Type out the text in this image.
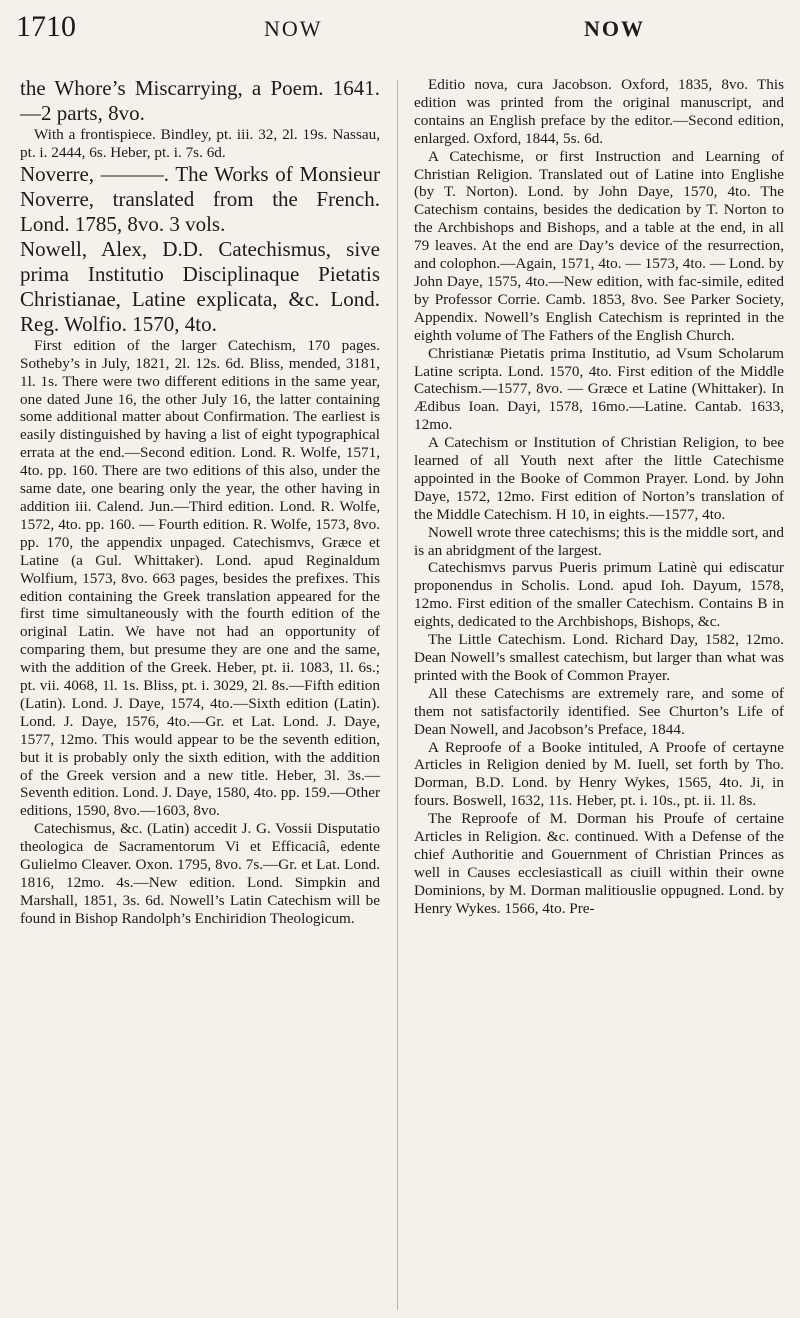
1710	NOW	NOW

the Whore’s Miscarrying, a Poem. 1641.—2 parts, 8vo.

With a frontispiece. Bindley, pt. iii. 32, 2l. 19s. Nassau, pt. i. 2444, 6s. Heber, pt. i. 7s. 6d.

Noverre, ———. The Works of Monsieur Noverre, translated from the French. Lond. 1785, 8vo. 3 vols.

Nowell, Alex, D.D. Catechismus, sive prima Institutio Disciplinaque Pietatis Christianae, Latine explicata, &c. Lond. Reg. Wolfio. 1570, 4to.

First edition of the larger Catechism, 170 pages. Sotheby’s in July, 1821, 2l. 12s. 6d. Bliss, mended, 3181, 1l. 1s. There were two different editions in the same year, one dated June 16, the other July 16, the latter containing some additional matter about Confirmation. The earliest is easily distinguished by having a list of eight typographical errata at the end.—Second edition. Lond. R. Wolfe, 1571, 4to. pp. 160. There are two editions of this also, under the same date, one bearing only the year, the other having in addition iii. Calend. Jun.—Third edition. Lond. R. Wolfe, 1572, 4to. pp. 160. — Fourth edition. R. Wolfe, 1573, 8vo. pp. 170, the appendix unpaged. Catechismvs, Græce et Latine (a Gul. Whittaker). Lond. apud Reginaldum Wolfium, 1573, 8vo. 663 pages, besides the prefixes. This edition containing the Greek translation appeared for the first time simultaneously with the fourth edition of the original Latin. We have not had an opportunity of comparing them, but presume they are one and the same, with the addition of the Greek. Heber, pt. ii. 1083, 1l. 6s.; pt. vii. 4068, 1l. 1s. Bliss, pt. i. 3029, 2l. 8s.—Fifth edition (Latin). Lond. J. Daye, 1574, 4to.—Sixth edition (Latin). Lond. J. Daye, 1576, 4to.—Gr. et Lat. Lond. J. Daye, 1577, 12mo. This would appear to be the seventh edition, but it is probably only the sixth edition, with the addition of the Greek version and a new title. Heber, 3l. 3s.—Seventh edition. Lond. J. Daye, 1580, 4to. pp. 159.—Other editions, 1590, 8vo.—1603, 8vo.

Catechismus, &c. (Latin) accedit J. G. Vossii Disputatio theologica de Sacramentorum Vi et Efficaciâ, edente Gulielmo Cleaver. Oxon. 1795, 8vo. 7s.—Gr. et Lat. Lond. 1816, 12mo. 4s.—New edition. Lond. Simpkin and Marshall, 1851, 3s. 6d. Nowell’s Latin Catechism will be found in Bishop Randolph’s Enchiridion Theologicum.

Editio nova, cura Jacobson. Oxford, 1835, 8vo. This edition was printed from the original manuscript, and contains an English preface by the editor.—Second edition, enlarged. Oxford, 1844, 5s. 6d.

A Catechisme, or first Instruction and Learning of Christian Religion. Translated out of Latine into Englishe (by T. Norton). Lond. by John Daye, 1570, 4to. The Catechism contains, besides the dedication by T. Norton to the Archbishops and Bishops, and a table at the end, in all 79 leaves. At the end are Day’s device of the resurrection, and colophon.—Again, 1571, 4to. — 1573, 4to. — Lond. by John Daye, 1575, 4to.—New edition, with fac-simile, edited by Professor Corrie. Camb. 1853, 8vo. See Parker Society, Appendix. Nowell’s English Catechism is reprinted in the eighth volume of The Fathers of the English Church.

Christianæ Pietatis prima Institutio, ad Vsum Scholarum Latine scripta. Lond. 1570, 4to. First edition of the Middle Catechism.—1577, 8vo. — Græce et Latine (Whittaker). In Ædibus Ioan. Dayi, 1578, 16mo.—Latine. Cantab. 1633, 12mo.

A Catechism or Institution of Christian Religion, to bee learned of all Youth next after the little Catechisme appointed in the Booke of Common Prayer. Lond. by John Daye, 1572, 12mo. First edition of Norton’s translation of the Middle Catechism. H 10, in eights.—1577, 4to.

Nowell wrote three catechisms; this is the middle sort, and is an abridgment of the largest.

Catechismvs parvus Pueris primum Latinè qui ediscatur proponendus in Scholis. Lond. apud Ioh. Dayum, 1578, 12mo. First edition of the smaller Catechism. Contains B in eights, dedicated to the Archbishops, Bishops, &c.

The Little Catechism. Lond. Richard Day, 1582, 12mo. Dean Nowell’s smallest catechism, but larger than what was printed with the Book of Common Prayer.

All these Catechisms are extremely rare, and some of them not satisfactorily identified. See Churton’s Life of Dean Nowell, and Jacobson’s Preface, 1844.

A Reproofe of a Booke intituled, A Proofe of certayne Articles in Religion denied by M. Iuell, set forth by Tho. Dorman, B.D. Lond. by Henry Wykes, 1565, 4to. Ji, in fours. Boswell, 1632, 11s. Heber, pt. i. 10s., pt. ii. 1l. 8s.

The Reproofe of M. Dorman his Proufe of certaine Articles in Religion. &c. continued. With a Defense of the chief Authoritie and Gouernment of Christian Princes as well in Causes ecclesiasticall as ciuill within their owne Dominions, by M. Dorman malitiouslie oppugned. Lond. by Henry Wykes. 1566, 4to. Pre-
